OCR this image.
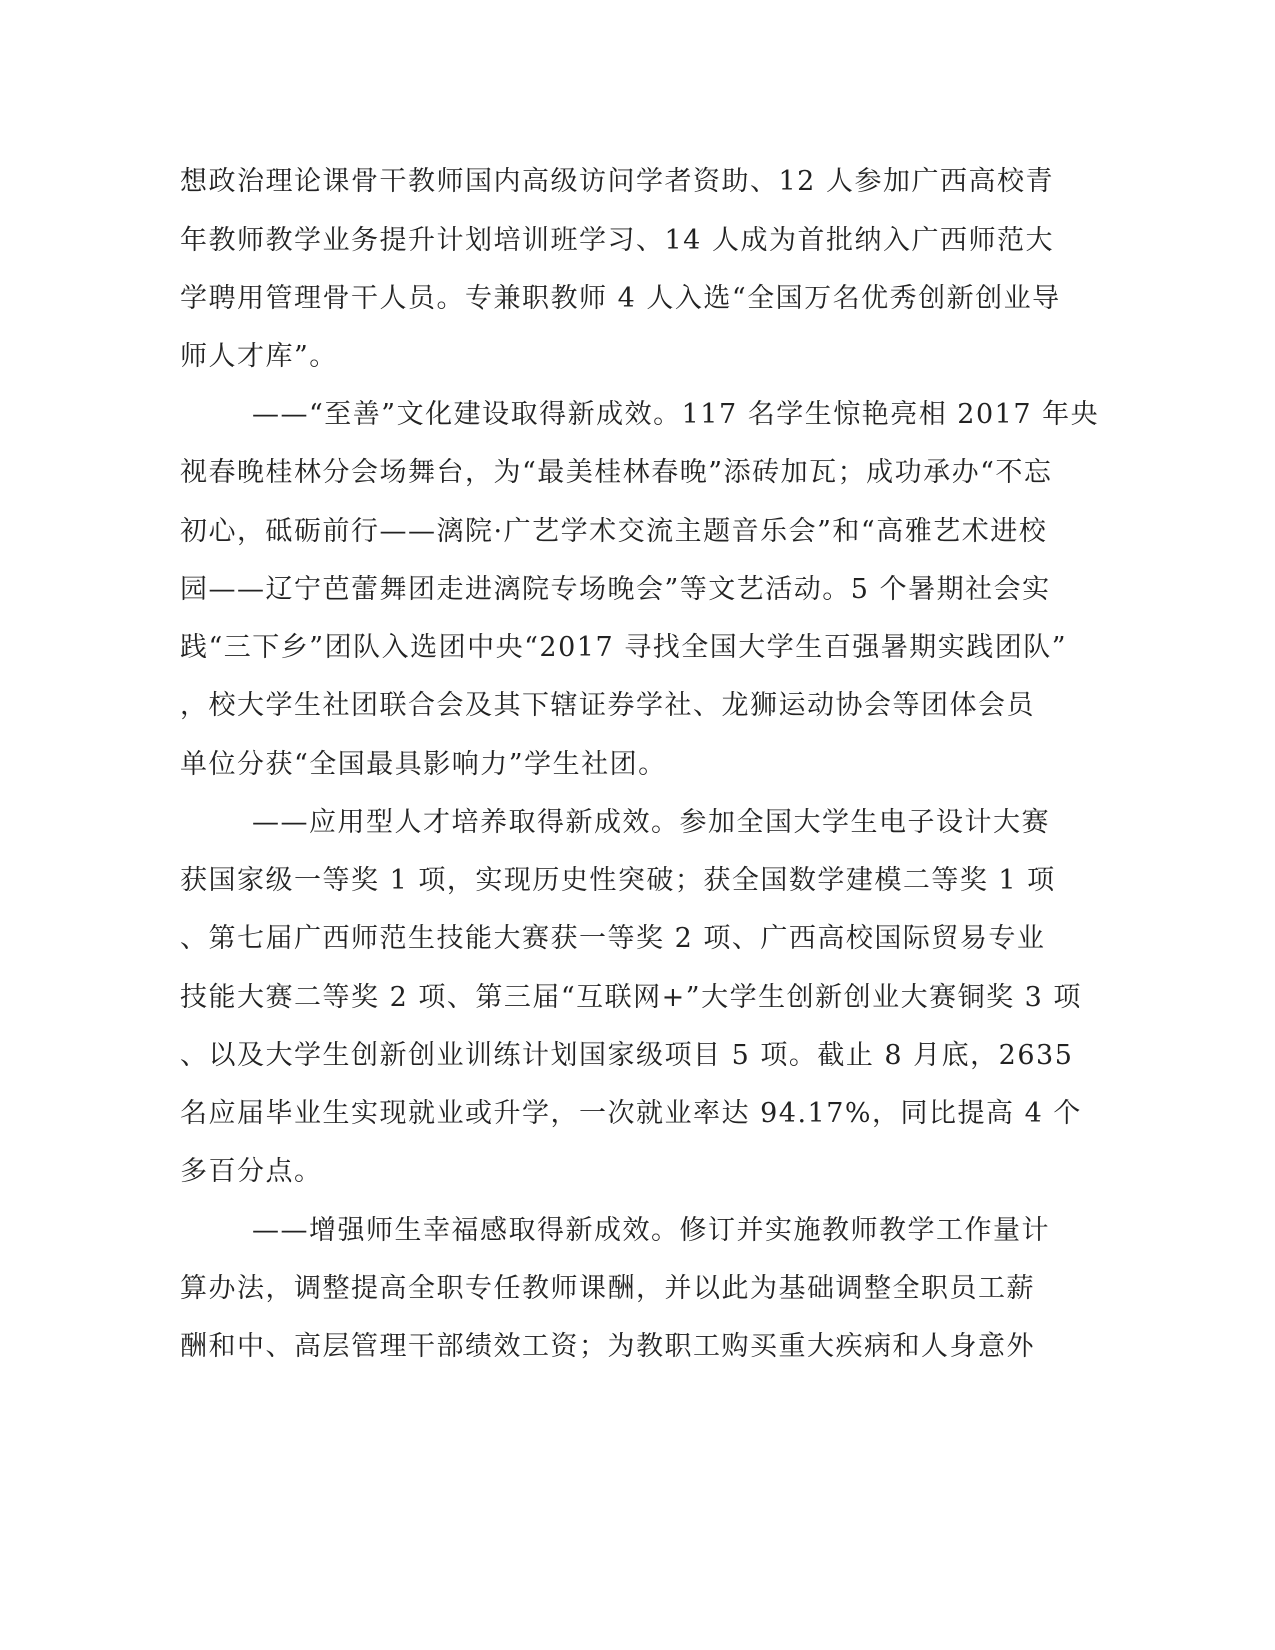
想政治理论课骨干教师国内高级访问学者资助、12 人参加广西高校青
年教师教学业务提升计划培训班学习、14 人成为首批纳入广西师范大
学聘用管理骨干人员。专兼职教师 4 人入选“全国万名优秀创新创业导
师人才库”。
——“至善”文化建设取得新成效。117 名学生惊艳亮相 2017 年央
视春晚桂林分会场舞台，为“最美桂林春晚”添砖加瓦；成功承办“不忘
初心，砥砺前行——漓院·广艺学术交流主题音乐会”和“高雅艺术进校
园——辽宁芭蕾舞团走进漓院专场晚会”等文艺活动。5 个暑期社会实
践“三下乡”团队入选团中央“2017 寻找全国大学生百强暑期实践团队”
，校大学生社团联合会及其下辖证券学社、龙狮运动协会等团体会员
单位分获“全国最具影响力”学生社团。
——应用型人才培养取得新成效。参加全国大学生电子设计大赛
获国家级一等奖 1 项，实现历史性突破；获全国数学建模二等奖 1 项
、第七届广西师范生技能大赛获一等奖 2 项、广西高校国际贸易专业
技能大赛二等奖 2 项、第三届“互联网+”大学生创新创业大赛铜奖 3 项
、以及大学生创新创业训练计划国家级项目 5 项。截止 8 月底，2635
名应届毕业生实现就业或升学，一次就业率达 94.17%，同比提高 4 个
多百分点。
——增强师生幸福感取得新成效。修订并实施教师教学工作量计
算办法，调整提高全职专任教师课酬，并以此为基础调整全职员工薪
酬和中、高层管理干部绩效工资；为教职工购买重大疾病和人身意外
